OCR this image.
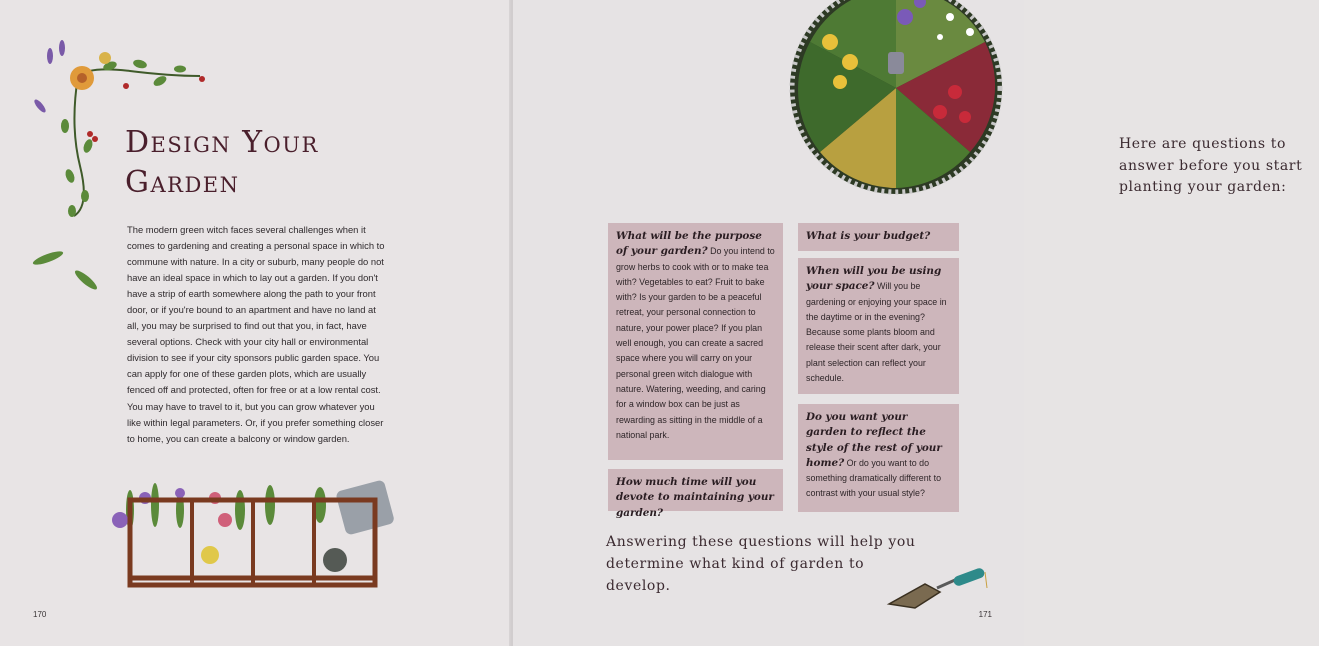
Design Your
Garden
The modern green witch faces several challenges when it comes to gardening and creating a personal space in which to commune with nature. In a city or suburb, many people do not have an ideal space in which to lay out a garden. If you don't have a strip of earth somewhere along the path to your front door, or if you're bound to an apartment and have no land at all, you may be surprised to find out that you, in fact, have several options. Check with your city hall or environmental division to see if your city sponsors public garden space. You can apply for one of these garden plots, which are usually fenced off and protected, often for free or at a low rental cost. You may have to travel to it, but you can grow whatever you like within legal parameters. Or, if you prefer something closer to home, you can create a balcony or window garden.
170
Here are questions to answer before you start planting your garden:
What will be the purpose of your garden? Do you intend to grow herbs to cook with or to make tea with? Vegetables to eat? Fruit to bake with? Is your garden to be a peaceful retreat, your personal connection to nature, your power place? If you plan well enough, you can create a sacred space where you will carry on your personal green witch dialogue with nature. Watering, weeding, and caring for a window box can be just as rewarding as sitting in the middle of a national park.
How much time will you devote to maintaining your garden?
What is your budget?
When will you be using your space? Will you be gardening or enjoying your space in the daytime or in the evening? Because some plants bloom and release their scent after dark, your plant selection can reflect your schedule.
Do you want your garden to reflect the style of the rest of your home? Or do you want to do something dramatically different to contrast with your usual style?
Answering these questions will help you determine what kind of garden to develop.
171
